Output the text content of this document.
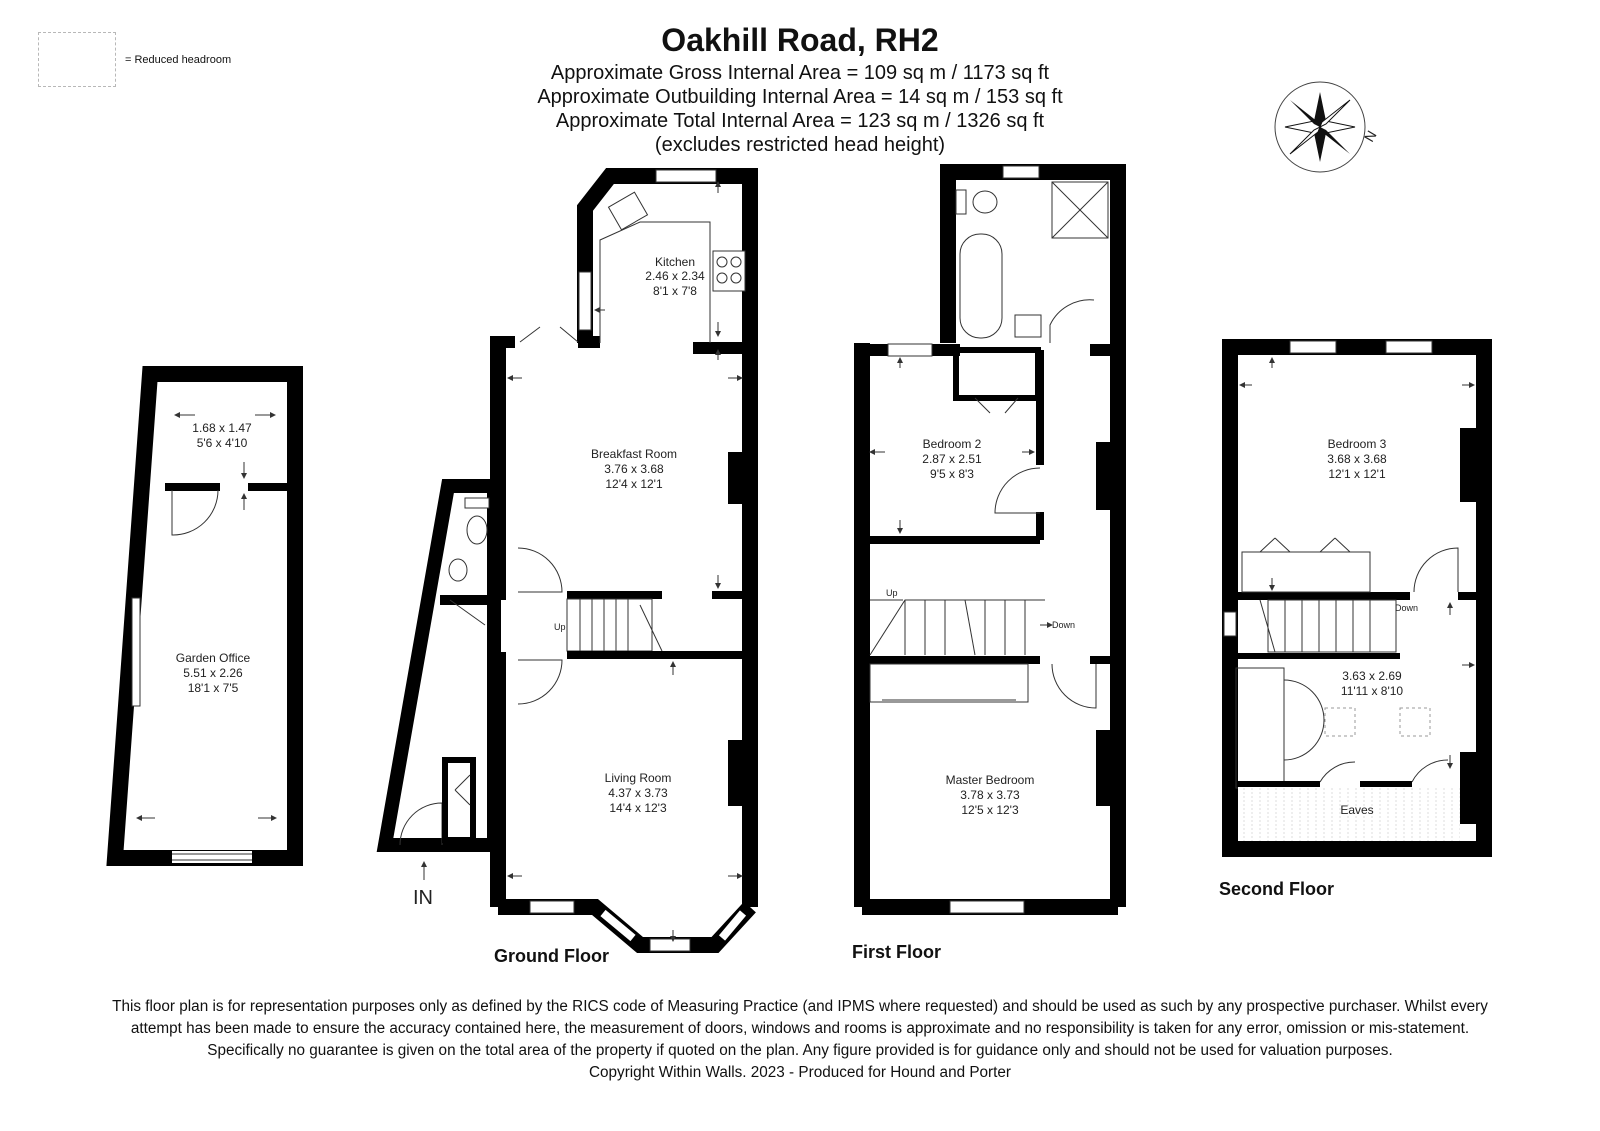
Oakhill Road, RH2
Approximate Gross Internal Area = 109 sq m / 1173 sq ft
Approximate Outbuilding Internal Area = 14 sq m / 153 sq ft
Approximate Total Internal Area = 123 sq m / 1326 sq ft
(excludes restricted head height)
= Reduced headroom
N
1.68 x 1.47
5'6 x 4'10
Garden Office
5.51 x 2.26
18'1 x 7'5
IN
Up
Kitchen
2.46 x 2.34
8'1 x 7'8
Breakfast Room
3.76 x 3.68
12'4 x 12'1
Living Room
4.37 x 3.73
14'4 x 12'3
Up
Down
Bedroom 2
2.87 x 2.51
9'5 x 8'3
Master Bedroom
3.78 x 3.73
12'5 x 12'3
Down
Bedroom 3
3.68 x 3.68
12'1 x 12'1
3.63 x 2.69
11'11 x 8'10
Eaves
Ground Floor	First Floor
Second Floor
This floor plan is for representation purposes only as defined by the RICS code of Measuring Practice (and IPMS where requested) and should be used as such by any prospective purchaser. Whilst every attempt has been made to ensure the accuracy contained here, the measurement of doors, windows and rooms is approximate and no responsibility is taken for any error, omission or mis-statement. Specifically no guarantee is given on the total area of the property if quoted on the plan. Any figure provided is for guidance only and should not be used for valuation purposes.
Copyright Within Walls. 2023 - Produced for Hound and Porter
